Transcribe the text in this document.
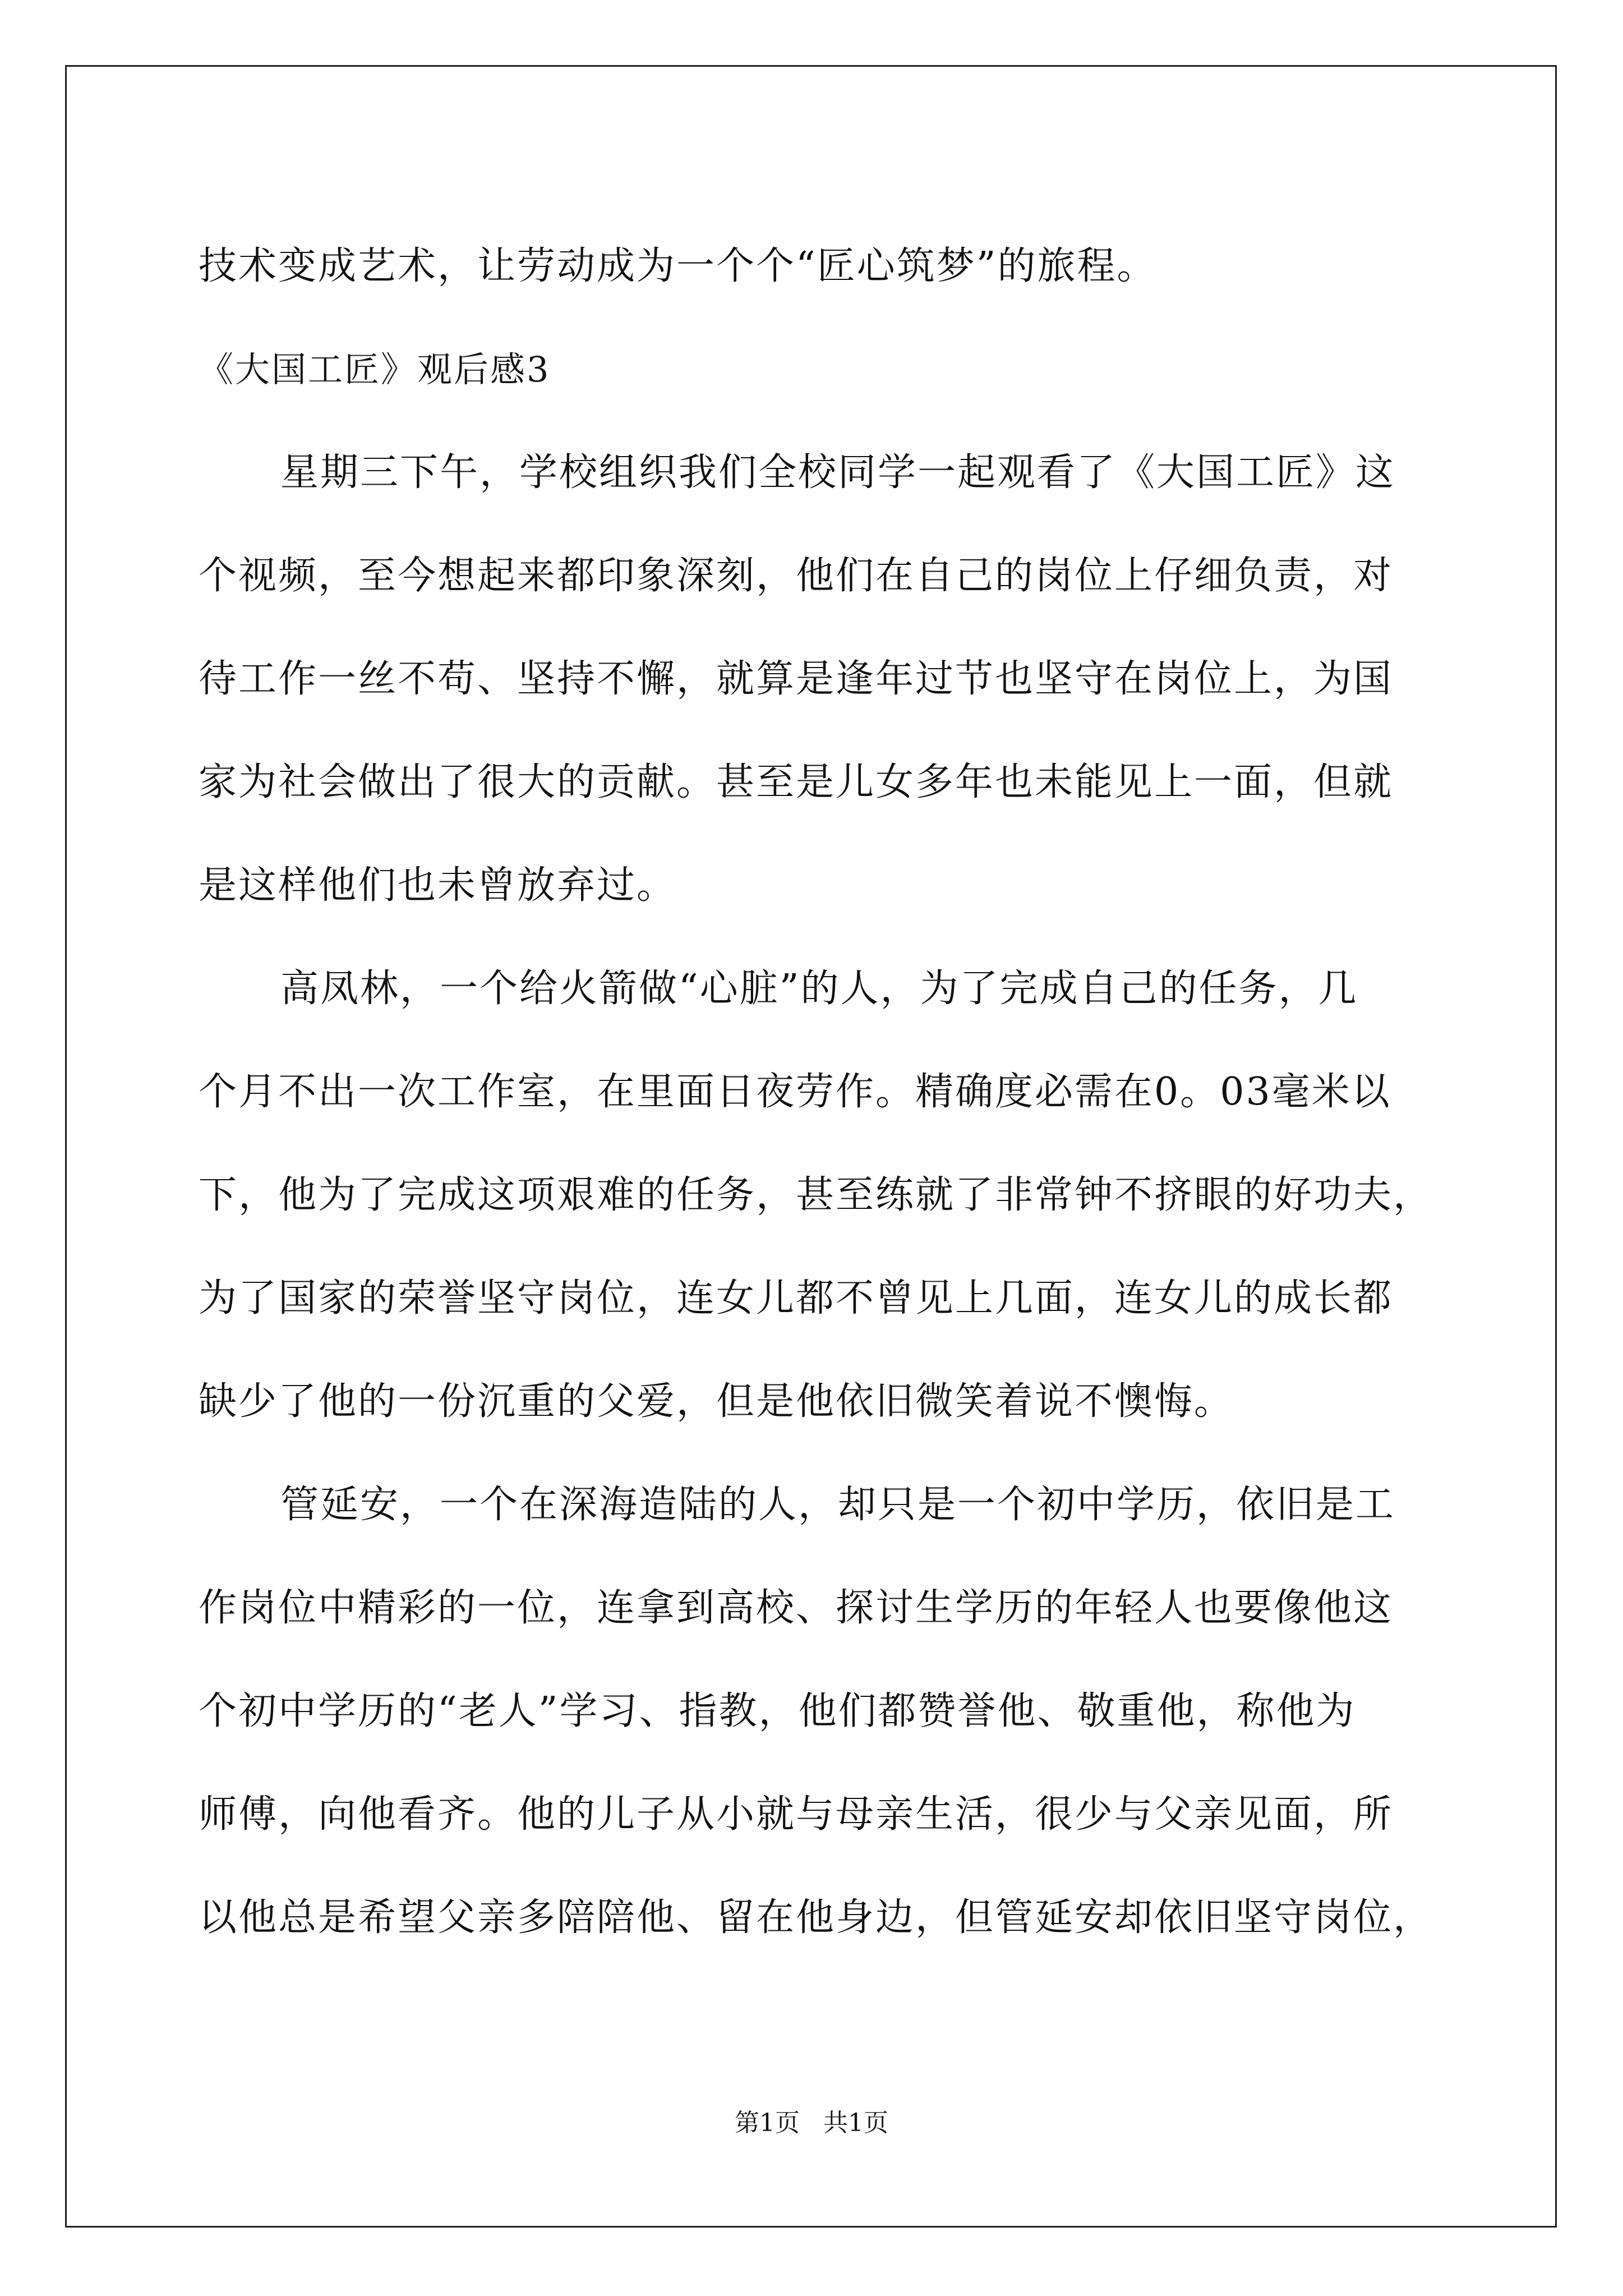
技术变成艺术，让劳动成为一个个“匠心筑梦”的旅程。
《大国工匠》观后感3
星期三下午，学校组织我们全校同学一起观看了《大国工匠》这
个视频，至今想起来都印象深刻，他们在自己的岗位上仔细负责，对
待工作一丝不苟、坚持不懈，就算是逢年过节也坚守在岗位上，为国
家为社会做出了很大的贡献。甚至是儿女多年也未能见上一面，但就
是这样他们也未曾放弃过。
高凤林，一个给火箭做“心脏”的人，为了完成自己的任务，几
个月不出一次工作室，在里面日夜劳作。精确度必需在0。03毫米以
下，他为了完成这项艰难的任务，甚至练就了非常钟不挤眼的好功夫，
为了国家的荣誉坚守岗位，连女儿都不曾见上几面，连女儿的成长都
缺少了他的一份沉重的父爱，但是他依旧微笑着说不懊悔。
管延安，一个在深海造陆的人，却只是一个初中学历，依旧是工
作岗位中精彩的一位，连拿到高校、探讨生学历的年轻人也要像他这
个初中学历的“老人”学习、指教，他们都赞誉他、敬重他，称他为
师傅，向他看齐。他的儿子从小就与母亲生活，很少与父亲见面，所
以他总是希望父亲多陪陪他、留在他身边，但管延安却依旧坚守岗位，
第1页   共1页
